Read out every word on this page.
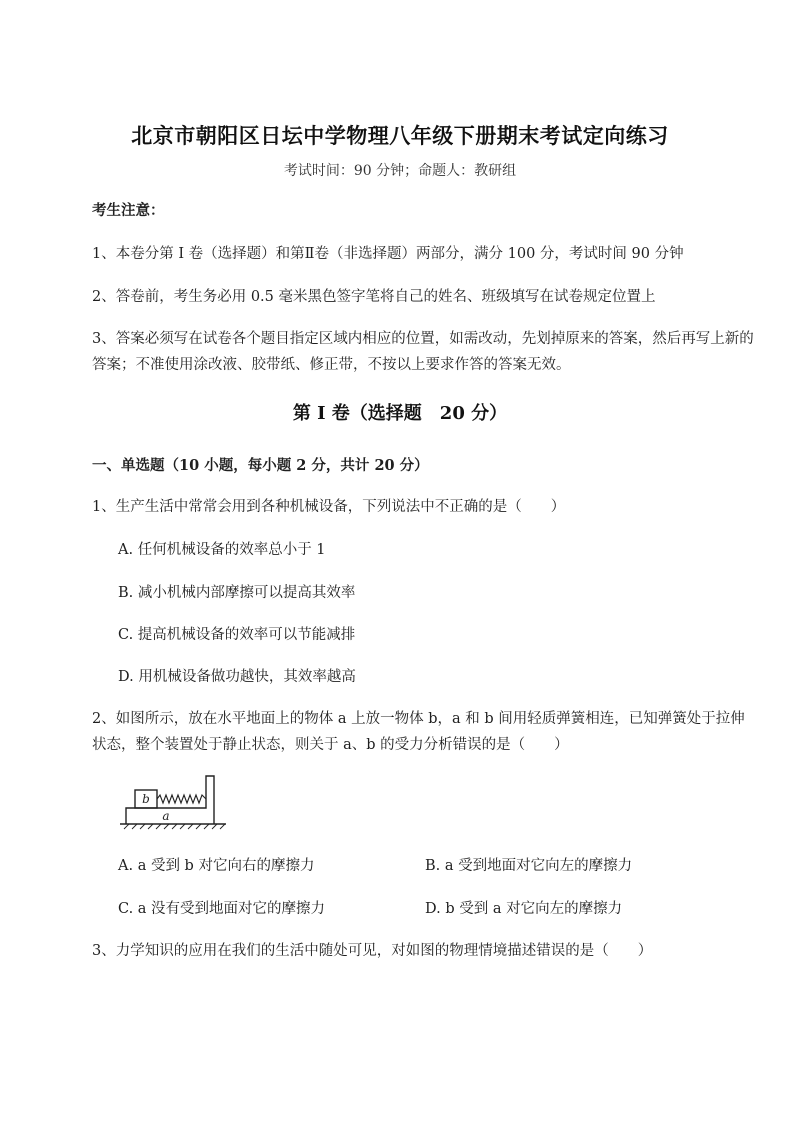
北京市朝阳区日坛中学物理八年级下册期末考试定向练习
考试时间：90 分钟；命题人：教研组
考生注意：
1、本卷分第 I 卷（选择题）和第Ⅱ卷（非选择题）两部分，满分 100 分，考试时间 90 分钟
2、答卷前，考生务必用 0.5 毫米黑色签字笔将自己的姓名、班级填写在试卷规定位置上
3、答案必须写在试卷各个题目指定区域内相应的位置，如需改动，先划掉原来的答案，然后再写上新的答案；不准使用涂改液、胶带纸、修正带，不按以上要求作答的答案无效。
第 I 卷（选择题　20 分）
一、单选题（10 小题，每小题 2 分，共计 20 分）
1、生产生活中常常会用到各种机械设备，下列说法中不正确的是（　　）
A. 任何机械设备的效率总小于 1
B. 减小机械内部摩擦可以提高其效率
C. 提高机械设备的效率可以节能减排
D. 用机械设备做功越快，其效率越高
2、如图所示，放在水平地面上的物体 a 上放一物体 b，a 和 b 间用轻质弹簧相连，已知弹簧处于拉伸状态，整个装置处于静止状态，则关于 a、b 的受力分析错误的是（　　）
b
a
A. a 受到 b 对它向右的摩擦力	B. a 受到地面对它向左的摩擦力
C. a 没有受到地面对它的摩擦力	D. b 受到 a 对它向左的摩擦力
3、力学知识的应用在我们的生活中随处可见，对如图的物理情境描述错误的是（　　）
